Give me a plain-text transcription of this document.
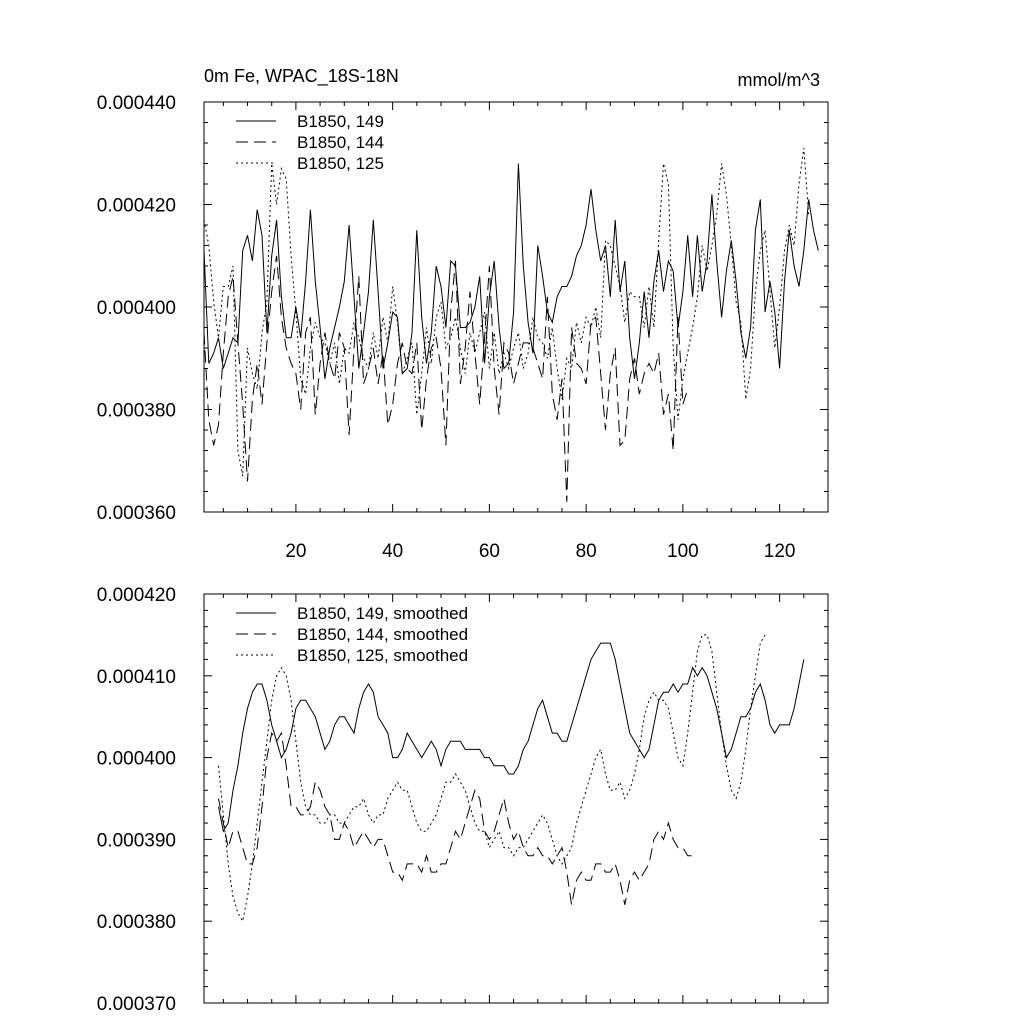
0m Fe, WPAC_18S-18N	mmol/m^3
0.000360
0.000380
0.000400
0.000420
0.000440
20	40	60	80	100	120
B1850, 149
B1850, 144
B1850, 125
0.000370
0.000380
0.000390
0.000400
0.000410
0.000420
B1850, 149, smoothed
B1850, 144, smoothed
B1850, 125, smoothed
